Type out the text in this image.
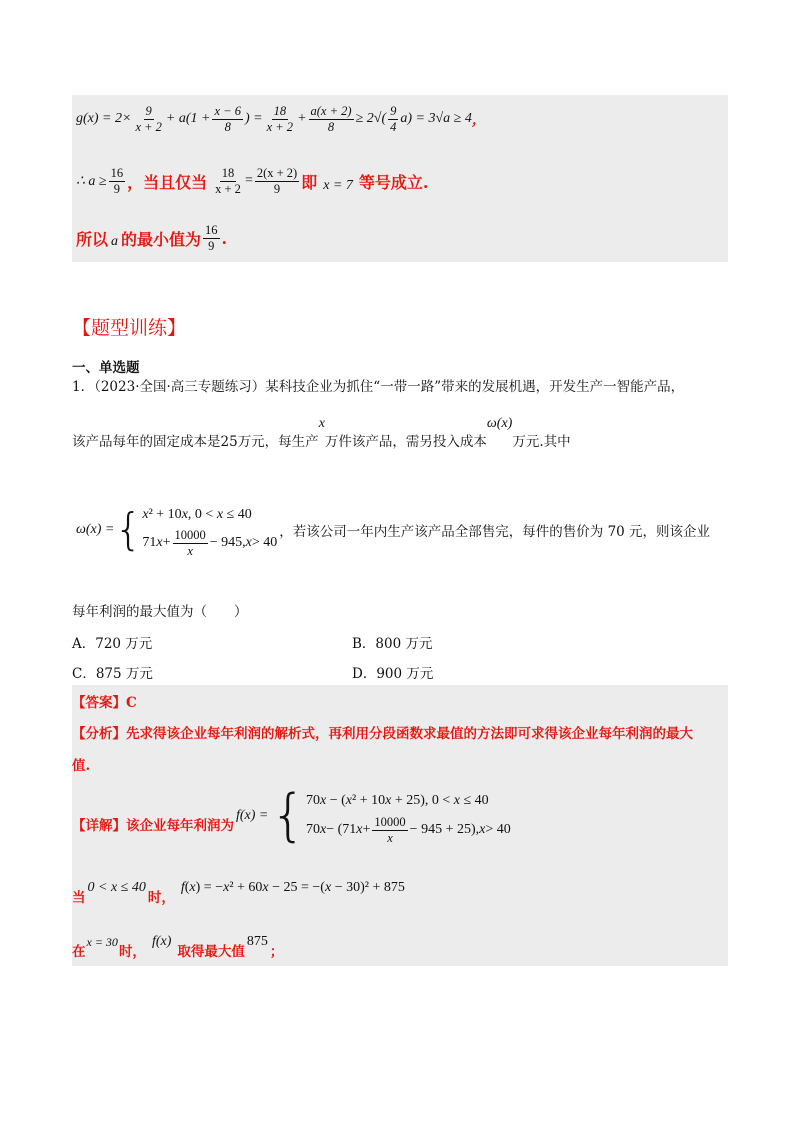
$g(x) = 2\times \frac{9}{x + 2} + a(1 + \frac{x - 6}{8}$ ) = $\frac{18}{x + 2} + \frac{a(x + 2)}{8} \ge 2√( \frac{9}{4} a) = 3√a \ge 4$ ，
∴ $a \ge \frac{16}{9}$ ， 当且仅当 $\frac{18}{x + 2} = \frac{2(x + 2)}{9}$ 即 x = 7 等号成立.
所以 a 的最小值为 $\frac{16}{9}$ .
【题型训练】
一、单选题
1．（2023·全国·高三专题练习）某科技企业为抓住“一带一路”带来的发展机遇，开发生产一智能产品，
该产品每年的固定成本是 25 万元，每生产
x
万件该产品，需另投入成本
ω(x)
万元.其中
ω(x) = { x² + 10x, 0 < x ≤ 40
71 $x + \frac{10000}{x} - 945$, x > 40
，若该公司一年内生产该产品全部售完，每件的售价为 70 元，则该企业
每年利润的最大值为（　　）
A．720 万元	B．800 万元
C．875 万元	D．900 万元
【答案】C
【分析】先求得该企业每年利润的解析式，再利用分段函数求最值的方法即可求得该企业每年利润的最大
值.
【详解】该企业每年利润为
f(x) = { 70x − (x² + 10x + 25), 0 < x ≤ 40
70 x − (71 $x + \frac{10000}{x} - 945 + 25$), x > 40
当
0 < x ≤ 40
时，
f(x) = −x² + 60x − 25 = −(x − 30)² + 875
在
x = 30
时，
f(x)
取得最大值
875
；
